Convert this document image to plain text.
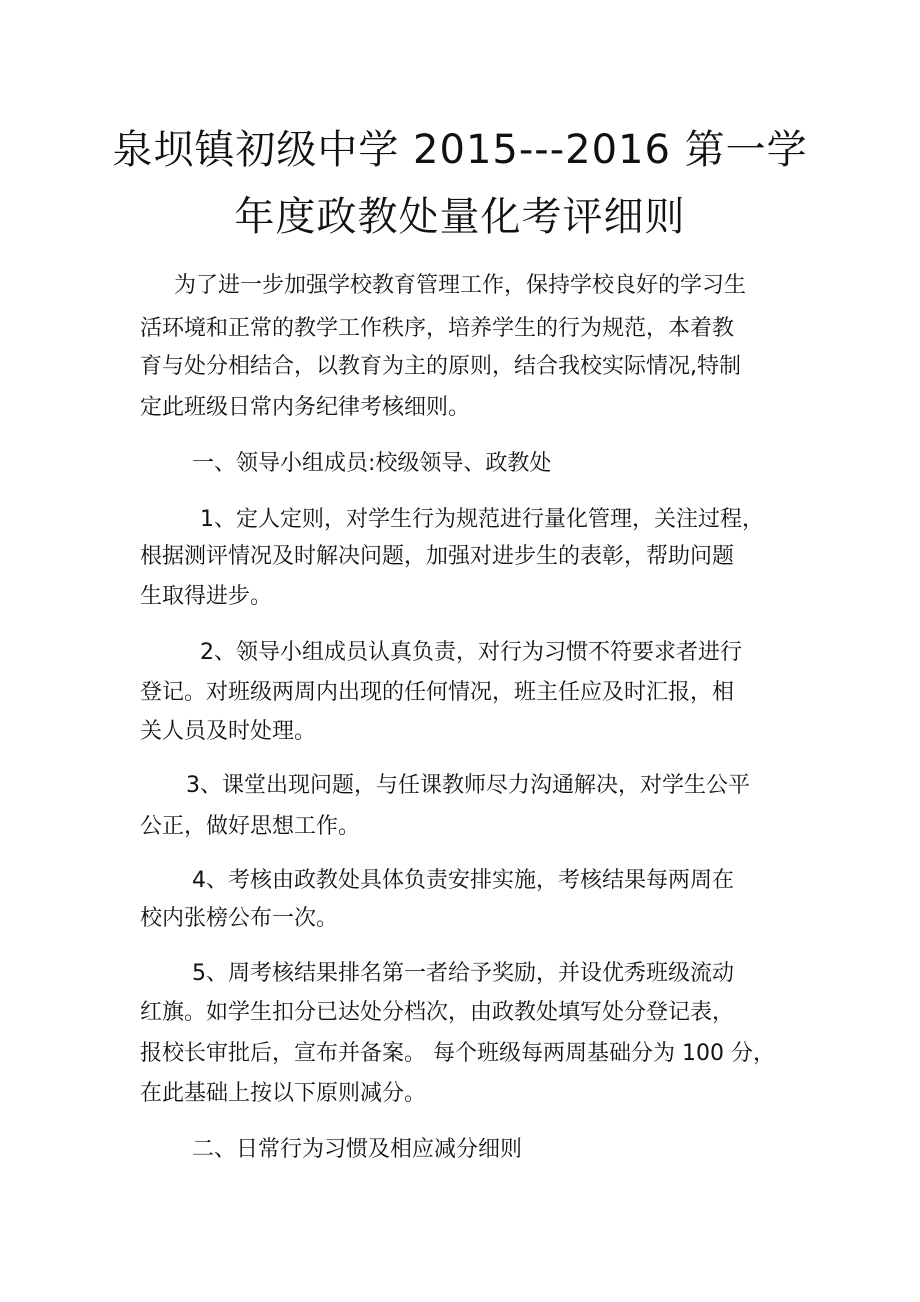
泉坝镇初级中学 2015---2016 第一学
年度政教处量化考评细则
为了进一步加强学校教育管理工作，保持学校良好的学习生
活环境和正常的教学工作秩序，培养学生的行为规范，本着教
育与处分相结合，以教育为主的原则，结合我校实际情况,特制
定此班级日常内务纪律考核细则。
一、领导小组成员:校级领导、政教处
1、定人定则，对学生行为规范进行量化管理，关注过程，
根据测评情况及时解决问题，加强对进步生的表彰，帮助问题
生取得进步。
2、领导小组成员认真负责，对行为习惯不符要求者进行
登记。对班级两周内出现的任何情况，班主任应及时汇报，相
关人员及时处理。
3、课堂出现问题，与任课教师尽力沟通解决，对学生公平
公正，做好思想工作。
4、考核由政教处具体负责安排实施，考核结果每两周在
校内张榜公布一次。
5、周考核结果排名第一者给予奖励，并设优秀班级流动
红旗。如学生扣分已达处分档次，由政教处填写处分登记表，
报校长审批后，宣布并备案。 每个班级每两周基础分为 100 分，
在此基础上按以下原则减分。
二、日常行为习惯及相应减分细则
